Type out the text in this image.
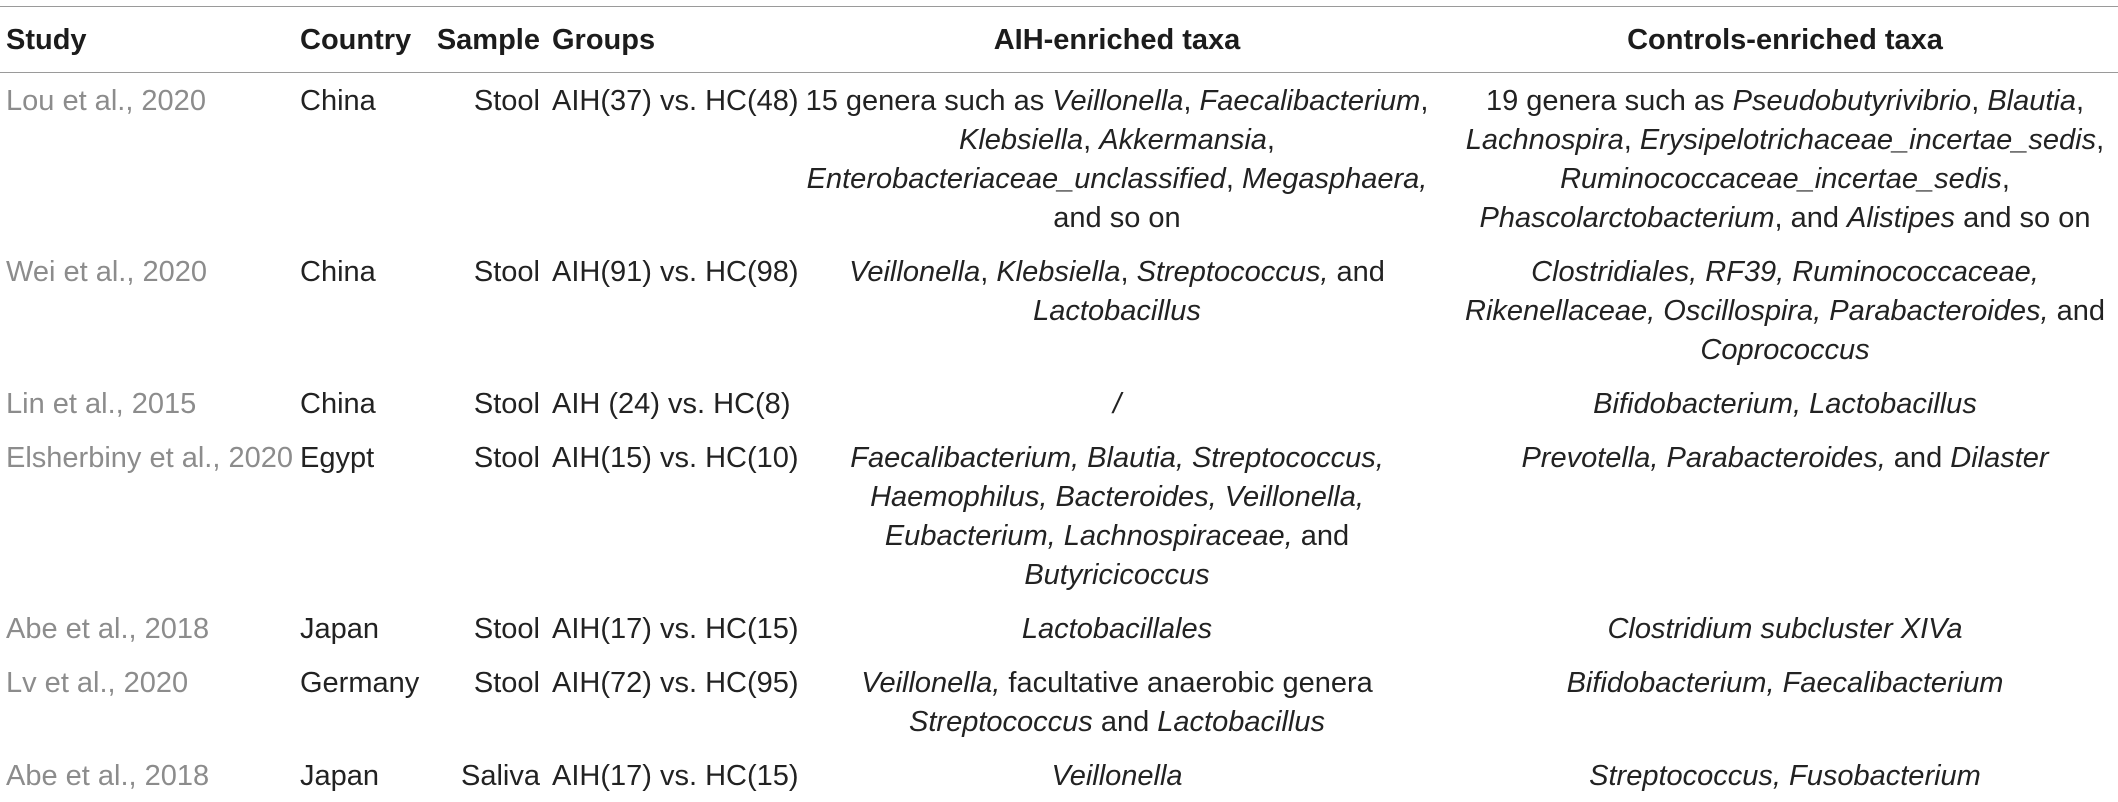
Study	Country	Sample	Groups	AIH-enriched taxa	Controls-enriched taxa
Lou et al., 2020	China	Stool	AIH(37) vs. HC(48)	15 genera such as Veillonella, Faecalibacterium, Klebsiella, Akkermansia, Enterobacteriaceae_unclassified, Megasphaera, and so on	19 genera such as Pseudobutyrivibrio, Blautia, Lachnospira, Erysipelotrichaceae_incertae_sedis, Ruminococcaceae_incertae_sedis, Phascolarctobacterium, and Alistipes and so on
Wei et al., 2020	China	Stool	AIH(91) vs. HC(98)	Veillonella, Klebsiella, Streptococcus, and Lactobacillus	Clostridiales, RF39, Ruminococcaceae, Rikenellaceae, Oscillospira, Parabacteroides, and Coprococcus
Lin et al., 2015	China	Stool	AIH (24) vs. HC(8)	/	Bifidobacterium, Lactobacillus
Elsherbiny et al., 2020	Egypt	Stool	AIH(15) vs. HC(10)	Faecalibacterium, Blautia, Streptococcus, Haemophilus, Bacteroides, Veillonella, Eubacterium, Lachnospiraceae, and Butyricicoccus	Prevotella, Parabacteroides, and Dilaster
Abe et al., 2018	Japan	Stool	AIH(17) vs. HC(15)	Lactobacillales	Clostridium subcluster XIVa
Lv et al., 2020	Germany	Stool	AIH(72) vs. HC(95)	Veillonella, facultative anaerobic genera Streptococcus and Lactobacillus	Bifidobacterium, Faecalibacterium
Abe et al., 2018	Japan	Saliva	AIH(17) vs. HC(15)	Veillonella	Streptococcus, Fusobacterium
